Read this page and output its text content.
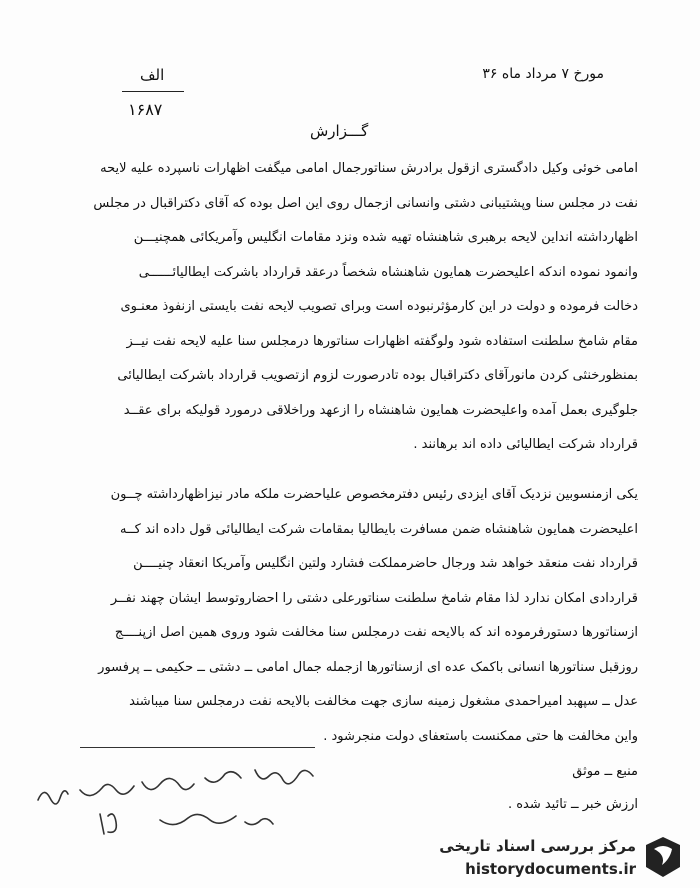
مورخ ۷ مرداد ماه ۳۶
الف
۱۶۸۷
گـــزارش
امامی خوئی وکیل دادگستری ازقول برادرش سناتورجمال امامی میگفت اظهارات ناسپرده علیه لایحه
نفت در مجلس سنا وپشتیبانی دشتی وانسانی ازجمال روی این اصل بوده که آقای دکتراقبال در مجلس
اظهارداشته انداین لایحه برهبری شاهنشاه تهیه شده ونزد مقامات انگلیس وآمریکائی همچنیـــن
وانمود نموده اندکه اعلیحضرت همایون شاهنشاه شخصاً درعقد قرارداد باشرکت ایطالیائــــــی
دخالت فرموده و دولت در این کارمؤثرنبوده است وبرای تصویب لایحه نفت بایستی ازنفوذ معنـوی
مقام شامخ سلطنت استفاده شود ولوگفته اظهارات سناتورها درمجلس سنا علیه لایحه نفت نیــز
بمنظورخنثی کردن مانورآقای دکتراقبال بوده تادرصورت لزوم ازتصویب قرارداد باشرکت ایطالیائی
جلوگیری بعمل آمده واعلیحضرت همایون شاهنشاه را ازعهد وراخلاقی درمورد قولیکه برای عقــد
قرارداد شرکت ایطالیائی داده اند برهانند .
یکی ازمنسوبین نزدیک آقای ایزدی رئیس دفترمخصوص علیاحضرت ملکه مادر نیزاظهارداشته چــون
اعلیحضرت همایون شاهنشاه ضمن مسافرت بایطالیا بمقامات شرکت ایطالیائی قول داده اند کــه
قرارداد نفت منعقد خواهد شد ورجال حاضرمملکت فشارد ولتین انگلیس وآمریکا انعقاد چنیــــن
قراردادی امکان ندارد لذا مقام شامخ سلطنت سناتورعلی دشتی را احضاروتوسط ایشان چهند نفــر
ازسناتورها دستورفرموده اند که بالایحه نفت درمجلس سنا مخالفت شود وروی همین اصل ازپنــــج
روزقبل سناتورها انسانی باکمک عده ای ازسناتورها ازجمله جمال امامی ــ دشتی ــ حکیمی ــ پرفسور
عدل ــ سپهبد امیراحمدی مشغول زمینه سازی جهت مخالفت بالایحه نفت درمجلس سنا میباشند
واین مخالفت ها حتی ممکنست باستعفای دولت منجرشود .
منبع ــ موثق
ارزش خبر ــ تائید شده .
مرکز بررسی اسناد تاریخی
historydocuments.ir
